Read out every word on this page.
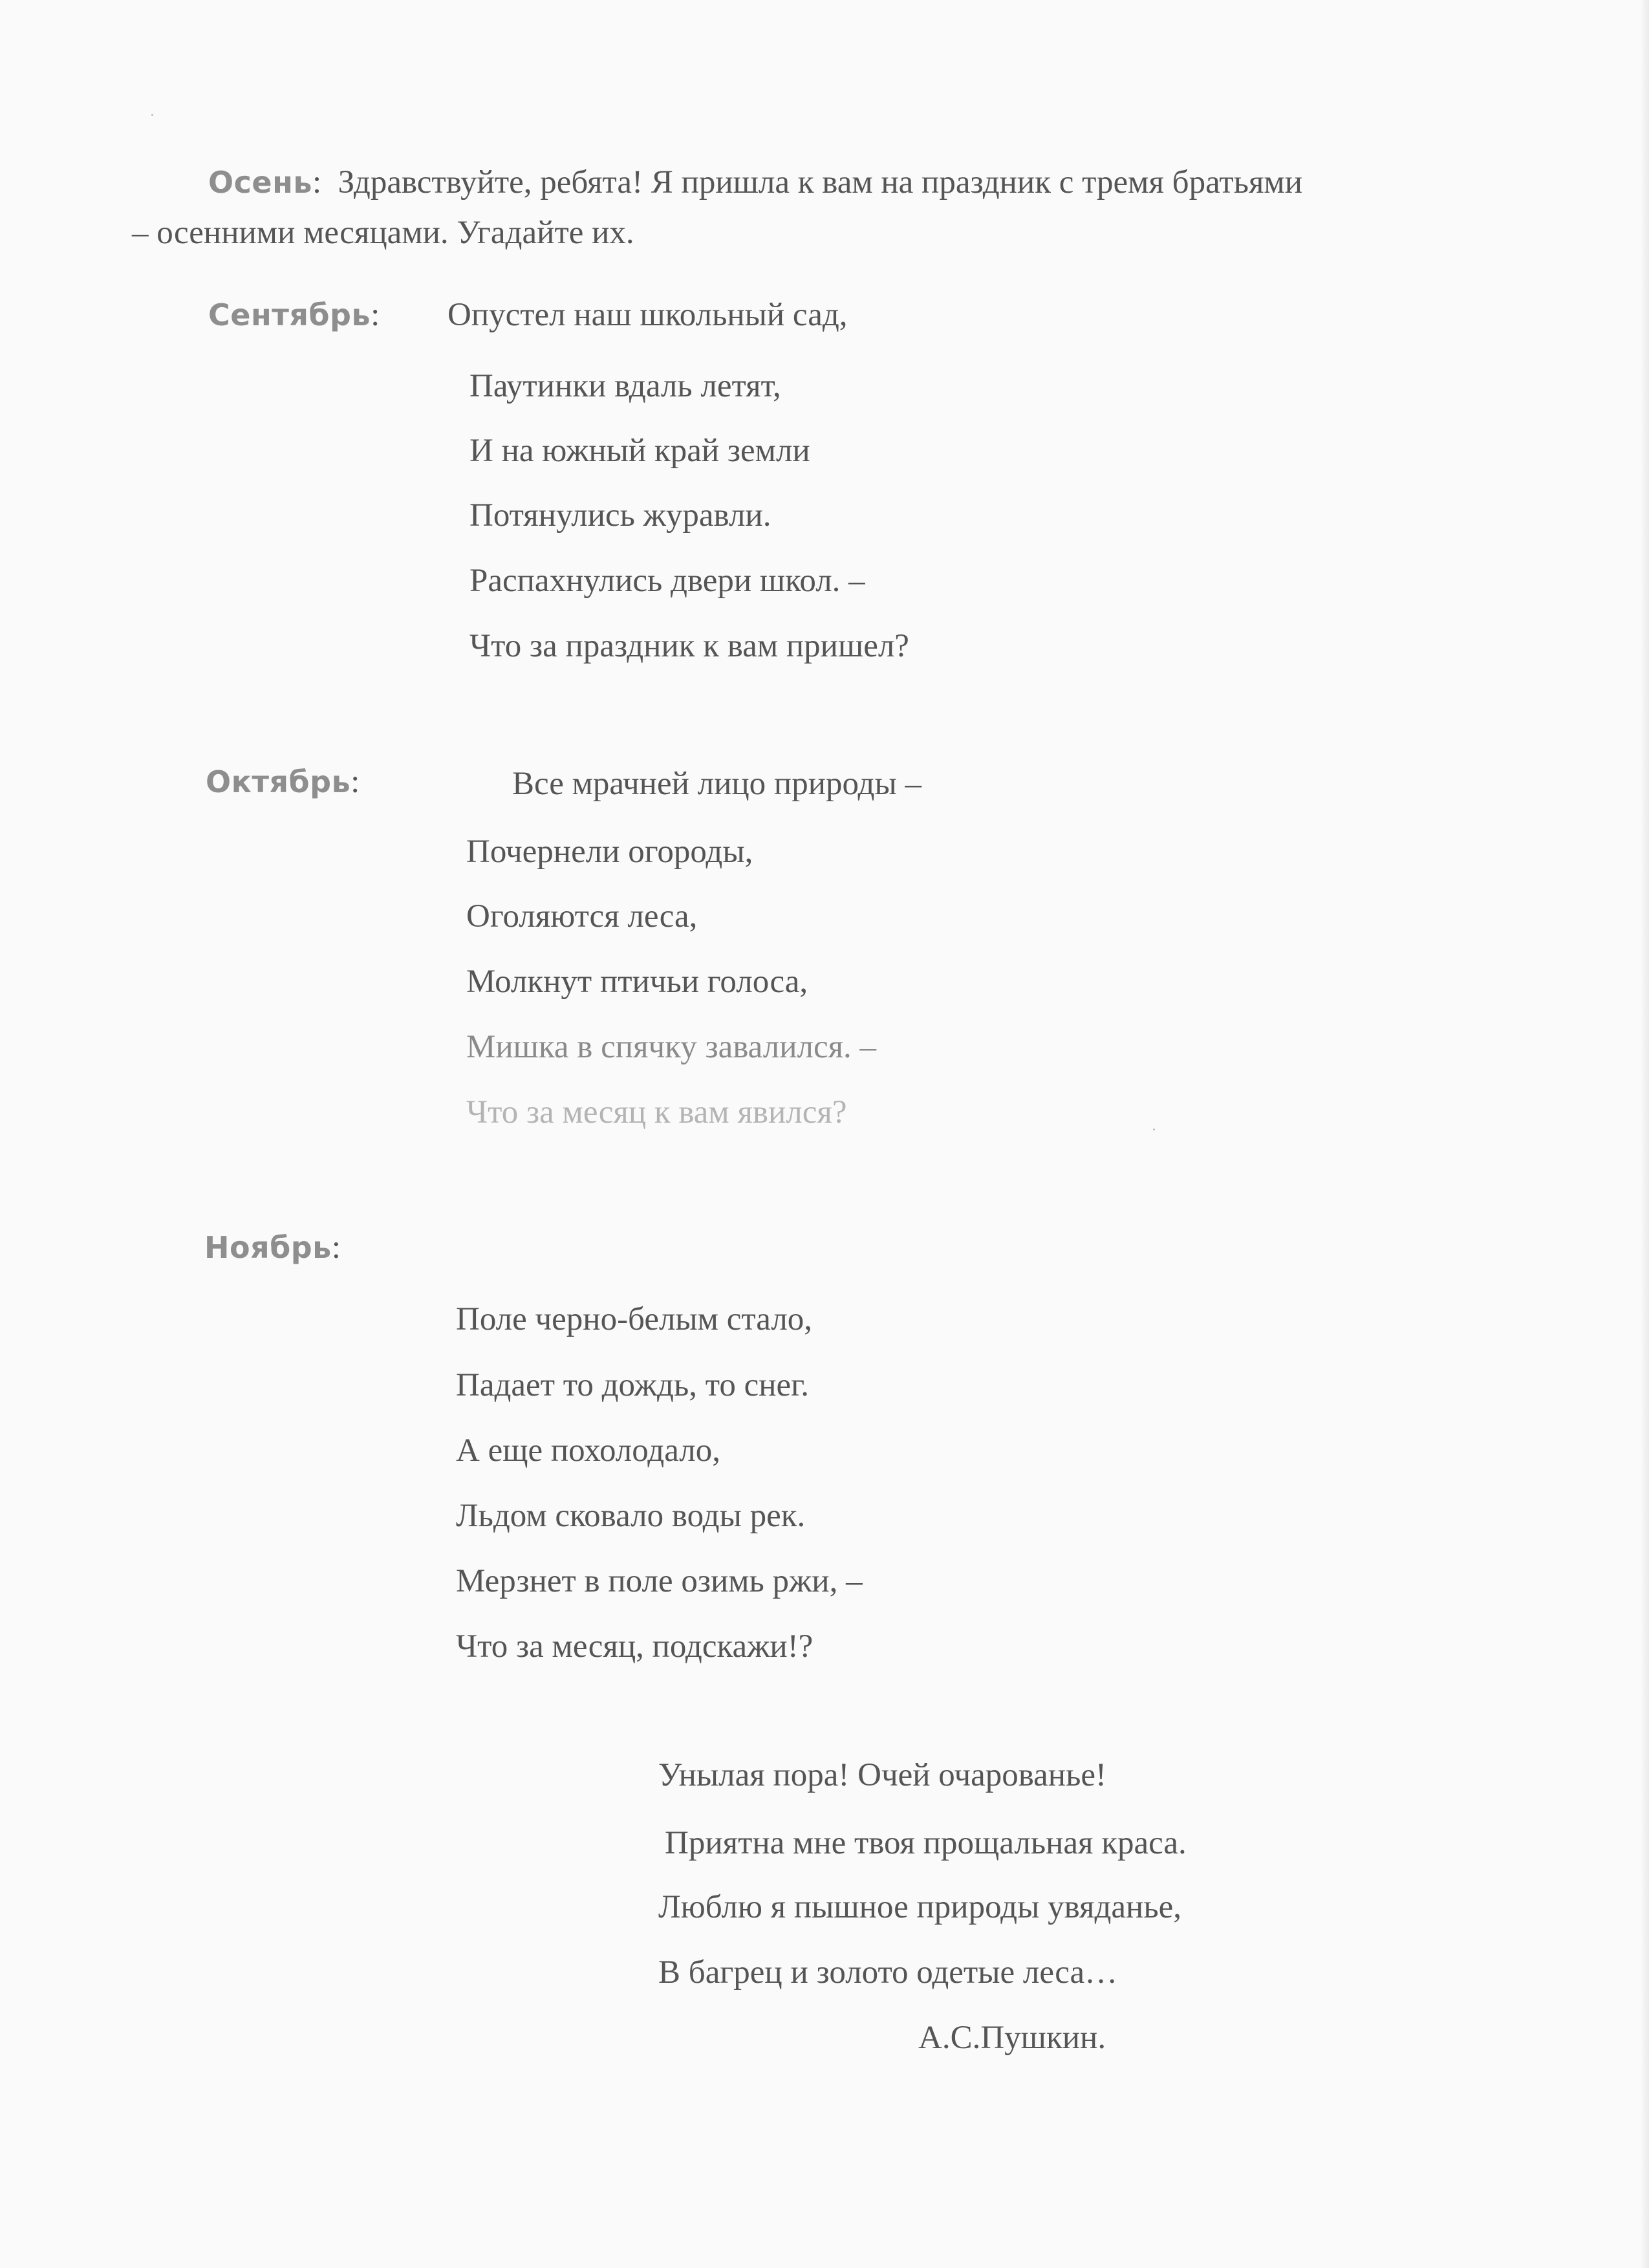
Осень: Здравствуйте, ребята! Я пришла к вам на праздник с тремя братьями
– осенними месяцами. Угадайте их.
Сентябрь: Опустел наш школьный сад,
Паутинки вдаль летят,
И на южный край земли
Потянулись журавли.
Распахнулись двери школ. –
Что за праздник к вам пришел?
Октябрь:	Все мрачней лицо природы –
Почернели огороды,
Оголяются леса,
Молкнут птичьи голоса,
Мишка в спячку завалился. –
Что за месяц к вам явился?
Ноябрь:
Поле черно-белым стало,
Падает то дождь, то снег.
А еще похолодало,
Льдом сковало воды рек.
Мерзнет в поле озимь ржи, –
Что за месяц, подскажи!?
Унылая пора! Очей очарованье!
Приятна мне твоя прощальная краса.
Люблю я пышное природы увяданье,
В багрец и золото одетые леса…
А.С.Пушкин.
